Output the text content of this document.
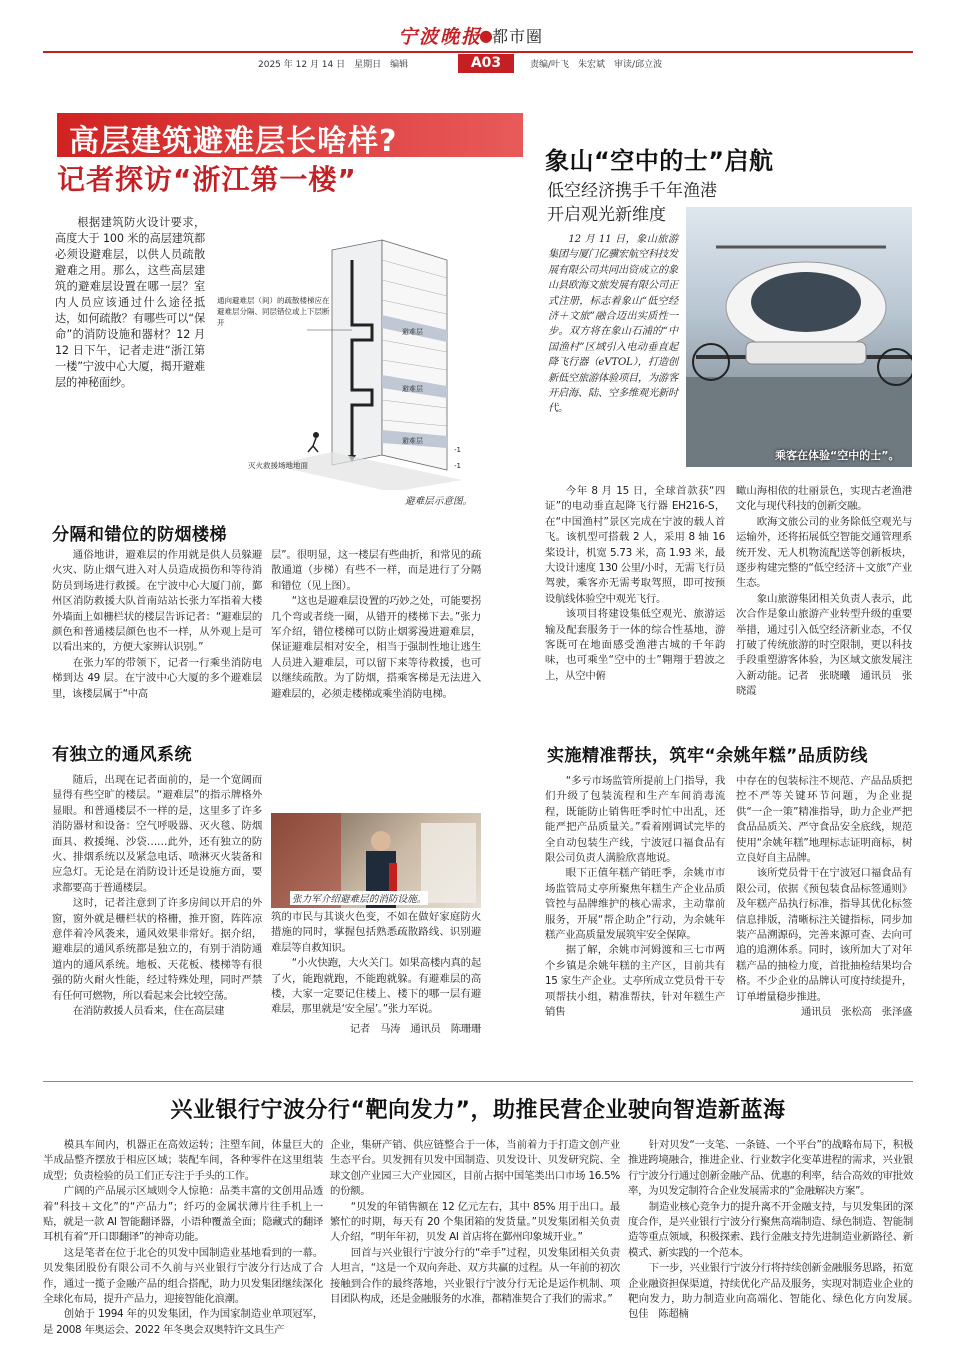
宁波晚报
● 都市圈
2025 年 12 月 14 日　星期日　编辑	A03	责编/叶飞　朱宏斌　审读/邱立波
高层建筑避难层长啥样?
记者探访“浙江第一楼”

根据建筑防火设计要求，高度大于 100 米的高层建筑都必须设避难层，以供人员疏散避难之用。那么，这些高层建筑的避难层设置在哪一层？室内人员应该通过什么途径抵达，如何疏散？有哪些可以“保命”的消防设施和器材？12 月 12 日下午，记者走进“浙江第一楼”宁波中心大厦，揭开避难层的神秘面纱。

避难层
避难层
避难层
灭火救援场地地面
-1
-1
通向避难层（间）的疏散楼梯应在避难层分隔、同层错位或上下层断开
避难层示意图。
分隔和错位的防烟楼梯

通俗地讲，避难层的作用就是供人员躲避火灾、防止烟气进入对人员造成损伤和等待消防员到场进行救援。在宁波中心大厦门前，鄞州区消防救援大队首南站站长张力军指着大楼外墙面上如栅栏状的楼层告诉记者：“避难层的颜色和普通楼层颜色也不一样，从外观上是可以看出来的，方便大家辨认识别。”

在张力军的带领下，记者一行乘坐消防电梯到达 49 层。在宁波中心大厦的多个避难层里，该楼层属于“中高

层”。很明显，这一楼层有些曲折，和常见的疏散通道（步梯）有些不一样，而是进行了分隔和错位（见上图）。

“这也是避难层设置的巧妙之处，可能要拐几个弯或者绕一圈，从错开的楼梯下去。”张力军介绍，错位楼梯可以防止烟雾漫进避难层，保证避难层相对安全，相当于强制性地让逃生人员进入避难层，可以留下来等待救援，也可以继续疏散。为了防烟，搭乘客梯是无法进入避难层的，必须走楼梯或乘坐消防电梯。

有独立的通风系统

随后，出现在记者面前的，是一个宽阔而显得有些空旷的楼层。“避难层”的指示牌格外显眼。和普通楼层不一样的是，这里多了许多消防器材和设备：空气呼吸器、灭火毯、防烟面具、救援绳、沙袋……此外，还有独立的防火、排烟系统以及紧急电话、喷淋灭火装备和应急灯。无论是在消防设计还是设施方面，要求都要高于普通楼层。

这时，记者注意到了许多房间以开启的外窗，窗外就是栅栏状的格栅，推开窗，阵阵凉意伴着冷风袭来，通风效果非常好。据介绍，避难层的通风系统都是独立的，有别于消防通道内的通风系统。地板、天花板、楼梯等有很强的防火耐火性能，经过特殊处理，同时严禁有任何可燃物，所以看起来会比较空荡。

在消防救援人员看来，住在高层建

张力军介绍避难层的消防设施。

筑的市民与其谈火色变，不如在做好家庭防火措施的同时，掌握包括熟悉疏散路线、识别避难层等自救知识。

“小火快跑，大火关门。如果高楼内真的起了火，能跑就跑，不能跑就躲。有避难层的高楼，大家一定要记住楼上、楼下的哪一层有避难层，那里就是‘安全屋’。”张力军说。

记者　马涛　通讯员　陈珊珊

象山“空中的士”启航
低空经济携手千年渔港
开启观光新维度

12 月 11 日，象山旅游集团与厦门亿骥宏航空科技发展有限公司共同出资成立的象山县欧海文旅发展有限公司正式注册，标志着象山“低空经济＋文旅”融合迈出实质性一步。双方将在象山石浦的“中国渔村”区域引入电动垂直起降飞行器（eVTOL），打造创新低空旅游体验项目，为游客开启海、陆、空多维观光新时代。

乘客在体验“空中的士”。

今年 8 月 15 日，全球首款获“四证”的电动垂直起降飞行器 EH216-S，在“中国渔村”景区完成在宁波的载人首飞。该机型可搭载 2 人，采用 8 轴 16 桨设计，机宽 5.73 米，高 1.93 米，最大设计速度 130 公里/小时，无需飞行员驾驶，乘客亦无需考取驾照，即可按预设航线体验空中观光飞行。

该项目将建设集低空观光、旅游运输及配套服务于一体的综合性基地，游客既可在地面感受渔港古城的千年韵味，也可乘坐“空中的士”翱翔于碧波之上，从空中俯

瞰山海相依的壮丽景色，实现古老渔港文化与现代科技的创新交融。

欧海文旅公司的业务除低空观光与运输外，还将拓展低空智能交通管理系统开发、无人机物流配送等创新板块，逐步构建完整的“低空经济＋文旅”产业生态。

象山旅游集团相关负责人表示，此次合作是象山旅游产业转型升级的重要举措，通过引入低空经济新业态，不仅打破了传统旅游的时空限制，更以科技手段重塑游客体验，为区域文旅发展注入新动能。记者　张晓曦　通讯员　张晓霞

实施精准帮扶，筑牢“余姚年糕”品质防线

“多亏市场监管所提前上门指导，我们升级了包装流程和生产车间消毒流程，既能防止销售旺季时忙中出乱，还能严把产品质量关。”看着刚调试完毕的全自动包装生产线，宁波冠口福食品有限公司负责人满脸欣喜地说。

眼下正值年糕产销旺季，余姚市市场监管局丈亭所聚焦年糕生产企业品质管控与品牌维护的核心需求，主动靠前服务，开展“帮企助企”行动，为余姚年糕产业高质量发展筑牢安全保障。

据了解，余姚市河姆渡和三七市两个乡镇是余姚年糕的主产区，目前共有 15 家生产企业。丈亭所成立党员骨干专项帮扶小组，精准帮扶，针对年糕生产销售

中存在的包装标注不规范、产品品质把控不严等关键环节问题，为企业提供“一企一策”精准指导，助力企业严把食品品质关、严守食品安全底线，规范使用“余姚年糕”地理标志证明商标，树立良好自主品牌。

该所党员骨干在宁波冠口福食品有限公司，依据《预包装食品标签通则》及年糕产品执行标准，指导其优化标签信息排版，清晰标注关键指标，同步加装产品溯源码，完善来源可查、去向可追的追溯体系。同时，该所加大了对年糕产品的抽检力度，首批抽检结果均合格。不少企业的品牌认可度持续提升，订单增量稳步推进。

通讯员　张松高　张泽盛

兴业银行宁波分行“靶向发力”，助推民营企业驶向智造新蓝海

模具车间内，机器正在高效运转；注塑车间，体量巨大的半成品整齐摆放于相应区域；装配车间，各种零件在这里组装成型；负责检验的员工们正专注于手头的工作。

广阔的产品展示区域则令人惊艳：品类丰富的文创用品透着“科技＋文化”的“产品力”；纤巧的金属状薄片往手机上一贴，就是一款 AI 智能翻译器，小语种覆盖全面；隐藏式的翻译耳机有着“开口即翻译”的神奇功能。

这是笔者在位于北仑的贝发中国制造业基地看到的一幕。贝发集团股份有限公司不久前与兴业银行宁波分行达成了合作，通过一揽子金融产品的组合搭配，助力贝发集团继续深化全球化布局，提升产品力，迎接智能化浪潮。

创始于 1994 年的贝发集团，作为国家制造业单项冠军，是 2008 年奥运会、2022 年冬奥会双奥特许文具生产

企业，集研产销、供应链整合于一体，当前着力于打造文创产业生态平台。贝发拥有贝发中国制造、贝发设计、贝发研究院、全球文创产业园三大产业园区，目前占据中国笔类出口市场 16.5% 的份额。

“贝发的年销售额在 12 亿元左右，其中 85% 用于出口。最繁忙的时期，每天有 20 个集团箱的发货量。”贝发集团相关负责人介绍，“明年年初，贝发 AI 首店将在鄞州印象城开业。”

回首与兴业银行宁波分行的“牵手”过程，贝发集团相关负责人坦言，“这是一个双向奔赴、双方共赢的过程。从一年前的初次接触到合作的最终落地，兴业银行宁波分行无论是运作机制、项目团队构成，还是金融服务的水准，都精准契合了我们的需求。”

针对贝发“一支笔、一条链、一个平台”的战略布局下，积极推进跨境融合，推进企业、行业数字化变革进程的需求，兴业银行宁波分行通过创新金融产品、优惠的利率，结合高效的审批效率，为贝发定制符合企业发展需求的“金融解决方案”。

制造业核心竞争力的提升离不开金融支持，与贝发集团的深度合作，是兴业银行宁波分行聚焦高端制造、绿色制造、智能制造等重点领域，积极探索、践行金融支持先进制造业新路径、新模式、新实践的一个范本。

下一步，兴业银行宁波分行将持续创新金融服务思路，拓宽企业融资担保渠道，持续优化产品及服务，实现对制造业企业的靶向发力，助力制造业向高端化、智能化、绿色化方向发展。　　　包佳　陈超楠
